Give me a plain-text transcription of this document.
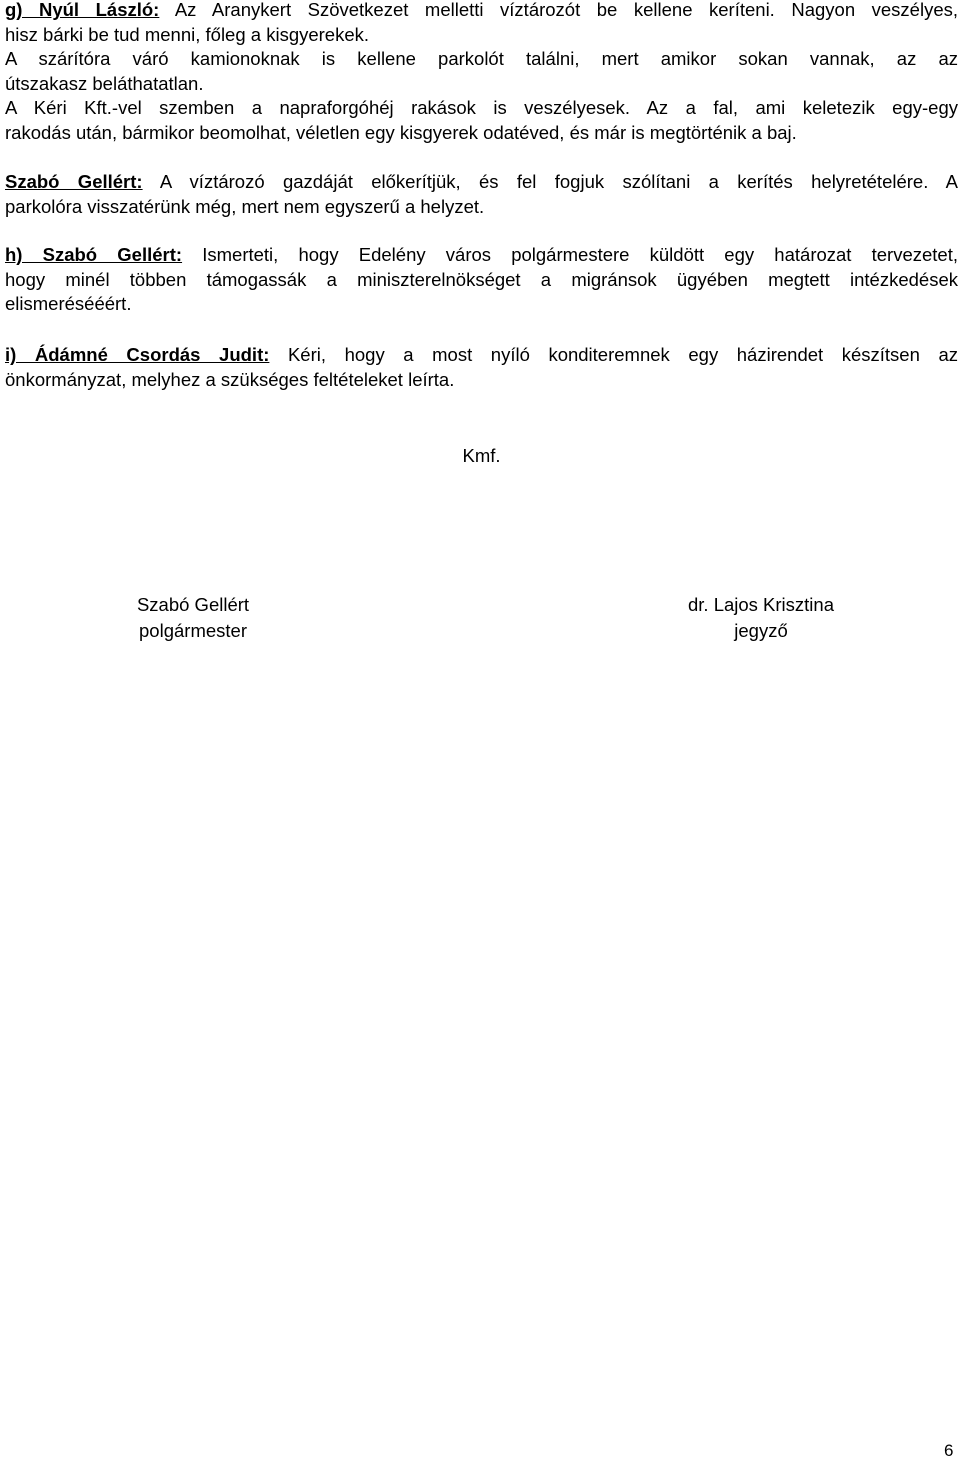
g) Nyúl László: Az Aranykert Szövetkezet melletti víztározót be kellene keríteni. Nagyon veszélyes,
hisz bárki be tud menni, főleg a kisgyerekek.
A szárítóra váró kamionoknak is kellene parkolót találni, mert amikor sokan vannak, az az
útszakasz beláthatatlan.
A Kéri Kft.-vel szemben a napraforgóhéj rakások is veszélyesek. Az a fal, ami keletezik egy-egy
rakodás után, bármikor beomolhat, véletlen egy kisgyerek odatéved, és már is megtörténik a baj.
Szabó Gellért: A víztározó gazdáját előkerítjük, és fel fogjuk szólítani a kerítés helyretételére. A
parkolóra visszatérünk még, mert nem egyszerű a helyzet.
h) Szabó Gellért: Ismerteti, hogy Edelény város polgármestere küldött egy határozat tervezetet,
hogy minél többen támogassák a miniszterelnökséget a migránsok ügyében megtett intézkedések
elismerésééért.
i) Ádámné Csordás Judit: Kéri, hogy a most nyíló konditeremnek egy házirendet készítsen az
önkormányzat, melyhez a szükséges feltételeket leírta.
Kmf.
Szabó Gellért
polgármester
dr. Lajos Krisztina
jegyző
6
